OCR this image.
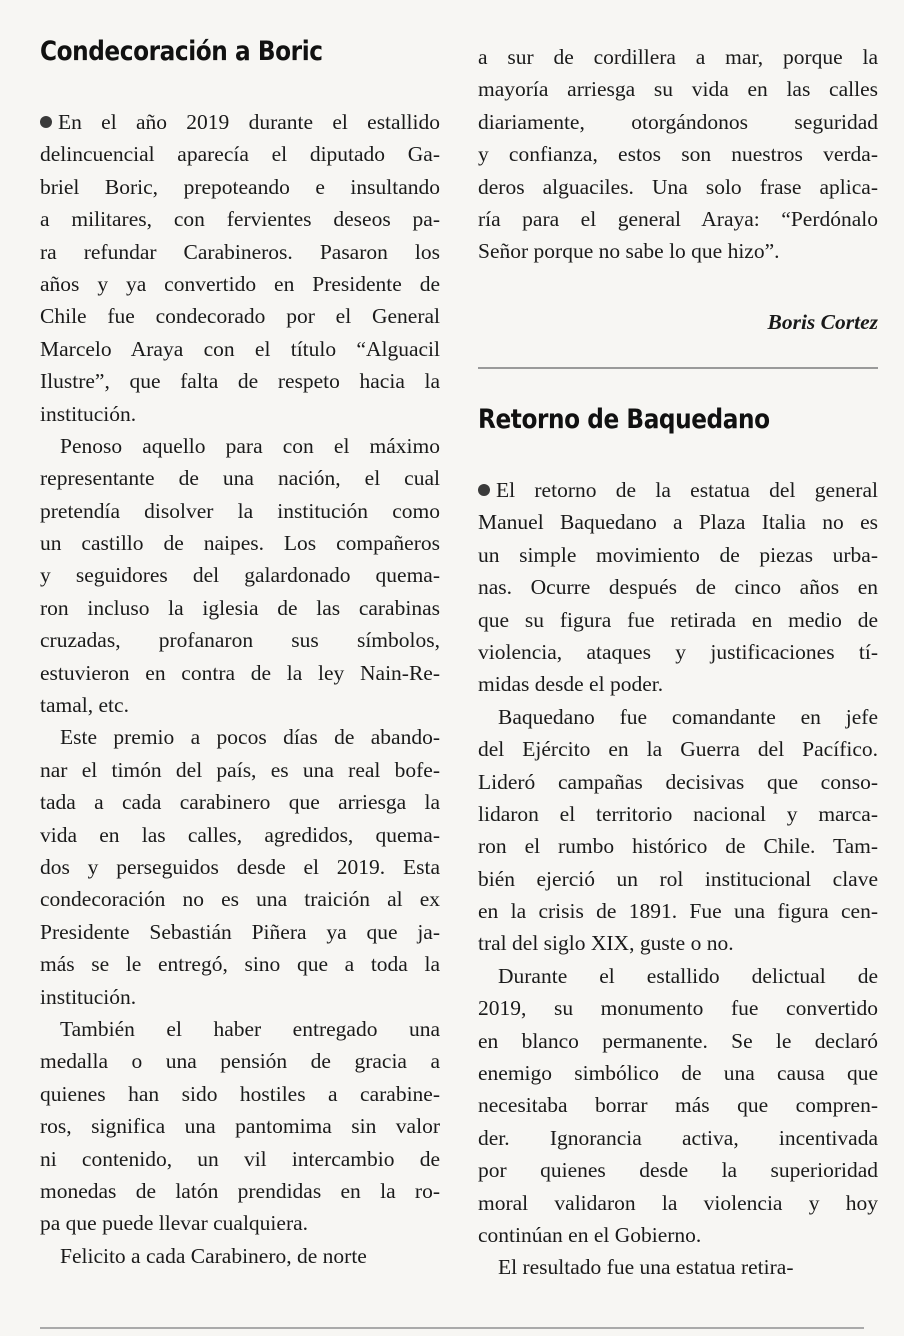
Condecoración a Boric
En el año 2019 durante el estallido
delincuencial aparecía el diputado Ga-
briel Boric, prepoteando e insultando
a militares, con fervientes deseos pa-
ra refundar Carabineros. Pasaron los
años y ya convertido en Presidente de
Chile fue condecorado por el General
Marcelo Araya con el título “Alguacil
Ilustre”, que falta de respeto hacia la
institución.
Penoso aquello para con el máximo
representante de una nación, el cual
pretendía disolver la institución como
un castillo de naipes. Los compañeros
y seguidores del galardonado quema-
ron incluso la iglesia de las carabinas
cruzadas, profanaron sus símbolos,
estuvieron en contra de la ley Nain-Re-
tamal, etc.
Este premio a pocos días de abando-
nar el timón del país, es una real bofe-
tada a cada carabinero que arriesga la
vida en las calles, agredidos, quema-
dos y perseguidos desde el 2019. Esta
condecoración no es una traición al ex
Presidente Sebastián Piñera ya que ja-
más se le entregó, sino que a toda la
institución.
También el haber entregado una
medalla o una pensión de gracia a
quienes han sido hostiles a carabine-
ros, significa una pantomima sin valor
ni contenido, un vil intercambio de
monedas de latón prendidas en la ro-
pa que puede llevar cualquiera.
Felicito a cada Carabinero, de norte
a sur de cordillera a mar, porque la
mayoría arriesga su vida en las calles
diariamente, otorgándonos seguridad
y confianza, estos son nuestros verda-
deros alguaciles. Una solo frase aplica-
ría para el general Araya: “Perdónalo
Señor porque no sabe lo que hizo”.
Boris Cortez
Retorno de Baquedano
El retorno de la estatua del general
Manuel Baquedano a Plaza Italia no es
un simple movimiento de piezas urba-
nas. Ocurre después de cinco años en
que su figura fue retirada en medio de
violencia, ataques y justificaciones tí-
midas desde el poder.
Baquedano fue comandante en jefe
del Ejército en la Guerra del Pacífico.
Lideró campañas decisivas que conso-
lidaron el territorio nacional y marca-
ron el rumbo histórico de Chile. Tam-
bién ejerció un rol institucional clave
en la crisis de 1891. Fue una figura cen-
tral del siglo XIX, guste o no.
Durante el estallido delictual de
2019, su monumento fue convertido
en blanco permanente. Se le declaró
enemigo simbólico de una causa que
necesitaba borrar más que compren-
der. Ignorancia activa, incentivada
por quienes desde la superioridad
moral validaron la violencia y hoy
continúan en el Gobierno.
El resultado fue una estatua retira-
